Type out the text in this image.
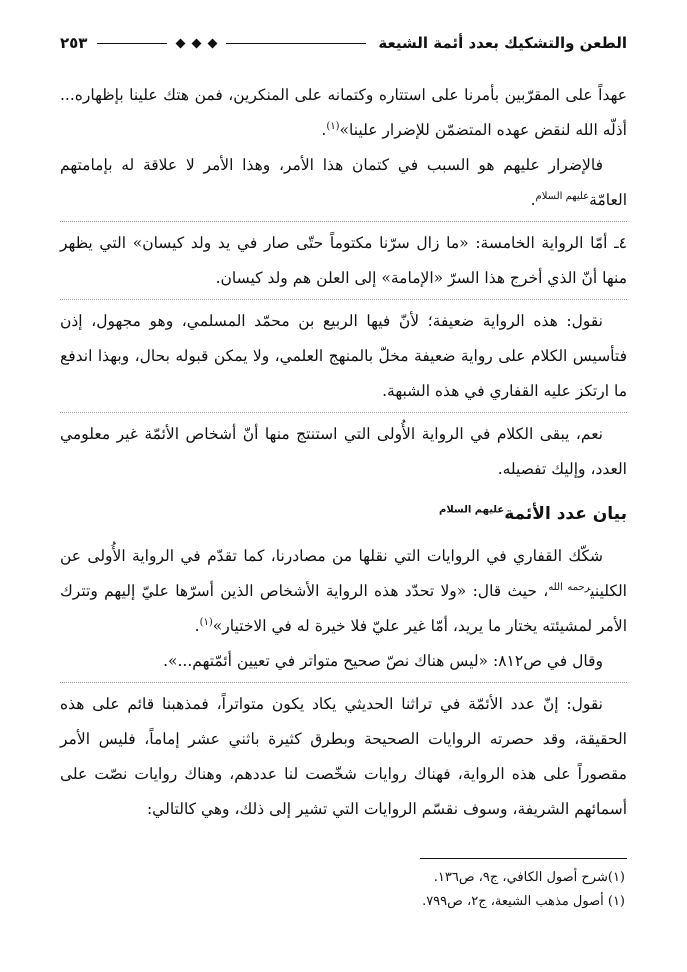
الطعن والتشكيك بعدد أئمة الشيعة
٢٥٣

عهداً على المقرّبين بأمرنا على استتاره وكتمانه على المنكرين، فمن هتك علينا بإظهاره... أذلّه الله لنقض عهده المتضمّن للإضرار علينا»$^{(١)}$.

فالإضرار عليهم هو السبب في كتمان هذا الأمر، وهذا الأمر لا علاقة له بإمامتهم العامّة$^{عليهم السلام}$.

٤ـ أمّا الرواية الخامسة: «ما زال سرّنا مكتوماً حتّى صار في يد ولد كيسان» التي يظهر منها أنّ الذي أخرج هذا السرّ «الإمامة» إلى العلن هم ولد كيسان.

نقول: هذه الرواية ضعيفة؛ لأنّ فيها الربيع بن محمّد المسلمي، وهو مجهول، إذن فتأسيس الكلام على رواية ضعيفة مخلّ بالمنهج العلمي، ولا يمكن قبوله بحال، وبهذا اندفع ما ارتكز عليه القفاري في هذه الشبهة.

نعم، يبقى الكلام في الرواية الأُولى التي استنتج منها أنّ أشخاص الأئمّة غير معلومي العدد، وإليك تفصيله.

بيان عدد الأئمة$^{عليهم السلام}$

شكّك القفاري في الروايات التي نقلها من مصادرنا، كما تقدّم في الرواية الأُولى عن الكليني$^{رحمه الله}$، حيث قال: «ولا تحدّد هذه الرواية الأشخاص الذين أسرّها عليّ إليهم وتترك الأمر لمشيئته يختار ما يريد، أمّا غير عليّ فلا خيرة له في الاختيار»$^{(١)}$.

وقال في ص٨١٢: «ليس هناك نصّ صحيح متواتر في تعيين أئمّتهم...».

نقول: إنّ عدد الأئمّة في تراثنا الحديثي يكاد يكون متواتراً، فمذهبنا قائم على هذه الحقيقة، وقد حصرته الروايات الصحيحة وبطرق كثيرة باثني عشر إماماً، فليس الأمر مقصوراً على هذه الرواية، فهناك روايات شخّصت لنا عددهم، وهناك روايات نصّت على أسمائهم الشريفة، وسوف نقسّم الروايات التي تشير إلى ذلك، وهي كالتالي:

(١)شرح أصول الكافي، ج٩، ص١٣٦.

(١) أصول مذهب الشيعة، ج٢، ص٧٩٩.
